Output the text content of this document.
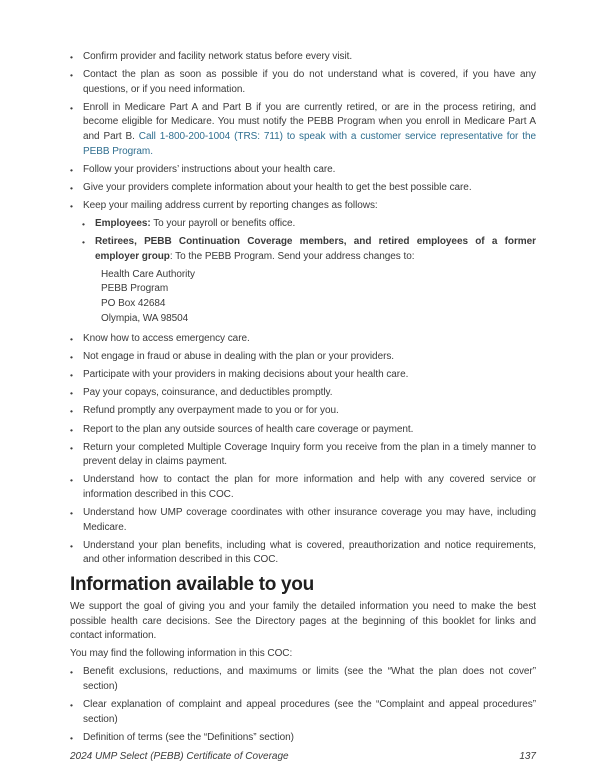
•	Confirm provider and facility network status before every visit.
•	Contact the plan as soon as possible if you do not understand what is covered, if you have any questions, or if you need information.
•	Enroll in Medicare Part A and Part B if you are currently retired, or are in the process retiring, and become eligible for Medicare. You must notify the PEBB Program when you enroll in Medicare Part A and Part B. Call 1-800-200-1004 (TRS: 711) to speak with a customer service representative for the PEBB Program.
•	Follow your providers’ instructions about your health care.
•	Give your providers complete information about your health to get the best possible care.
•	Keep your mailing address current by reporting changes as follows:
•	Employees: To your payroll or benefits office.
•	Retirees, PEBB Continuation Coverage members, and retired employees of a former employer group: To the PEBB Program. Send your address changes to:
Health Care Authority
PEBB Program
PO Box 42684
Olympia, WA 98504
•	Know how to access emergency care.
•	Not engage in fraud or abuse in dealing with the plan or your providers.
•	Participate with your providers in making decisions about your health care.
•	Pay your copays, coinsurance, and deductibles promptly.
•	Refund promptly any overpayment made to you or for you.
•	Report to the plan any outside sources of health care coverage or payment.
•	Return your completed Multiple Coverage Inquiry form you receive from the plan in a timely manner to prevent delay in claims payment.
•	Understand how to contact the plan for more information and help with any covered service or information described in this COC.
•	Understand how UMP coverage coordinates with other insurance coverage you may have, including Medicare.
•	Understand your plan benefits, including what is covered, preauthorization and notice requirements, and other information described in this COC.
Information available to you
We support the goal of giving you and your family the detailed information you need to make the best possible health care decisions. See the Directory pages at the beginning of this booklet for links and contact information.
You may find the following information in this COC:
•	Benefit exclusions, reductions, and maximums or limits (see the “What the plan does not cover” section)
•	Clear explanation of complaint and appeal procedures (see the “Complaint and appeal procedures” section)
•	Definition of terms (see the “Definitions” section)
2024 UMP Select (PEBB) Certificate of Coverage	137
